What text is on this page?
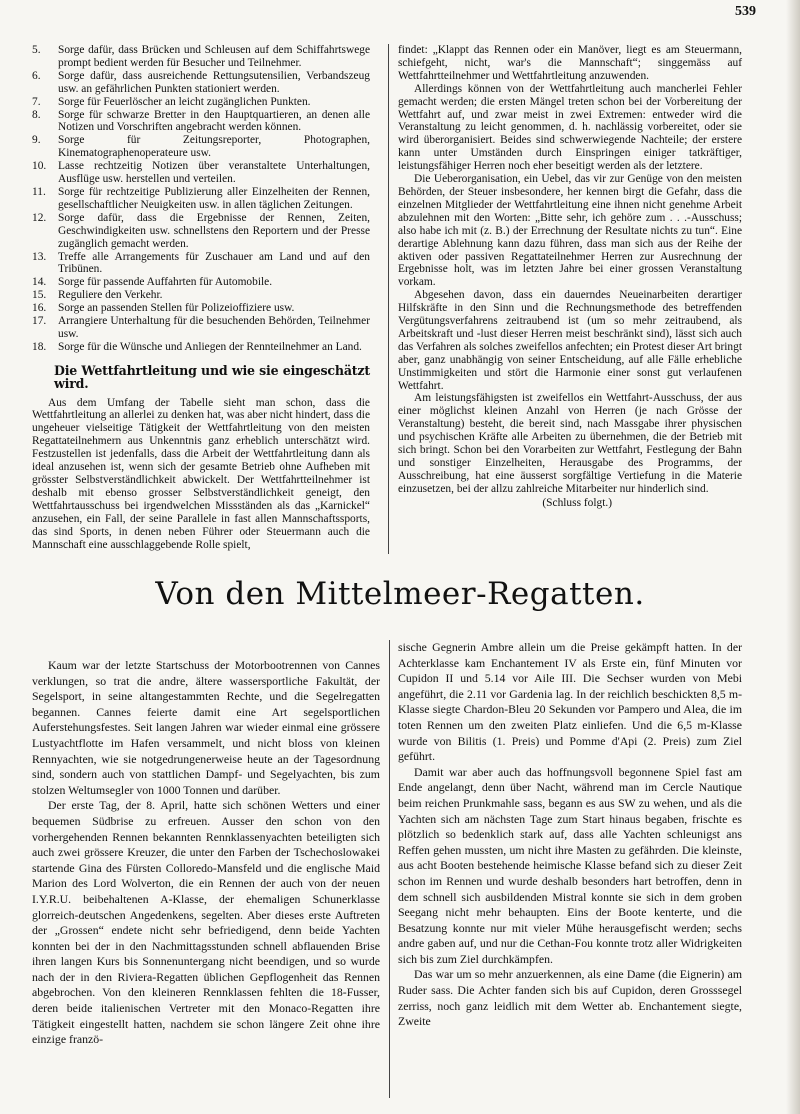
539
5.	Sorge dafür, dass Brücken und Schleusen auf dem Schiffahrtswege prompt bedient werden für Besucher und Teilnehmer.
6.	Sorge dafür, dass ausreichende Rettungsutensilien, Verbandszeug usw. an gefährlichen Punkten stationiert werden.
7.	Sorge für Feuerlöscher an leicht zugänglichen Punkten.
8.	Sorge für schwarze Bretter in den Hauptquartieren, an denen alle Notizen und Vorschriften angebracht werden können.
9.	Sorge für Zeitungsreporter, Photographen, Kinematographenoperateure usw.
10.	Lasse rechtzeitig Notizen über veranstaltete Unterhaltungen, Ausflüge usw. herstellen und verteilen.
11.	Sorge für rechtzeitige Publizierung aller Einzelheiten der Rennen, gesellschaftlicher Neuigkeiten usw. in allen täglichen Zeitungen.
12.	Sorge dafür, dass die Ergebnisse der Rennen, Zeiten, Geschwindigkeiten usw. schnellstens den Reportern und der Presse zugänglich gemacht werden.
13.	Treffe alle Arrangements für Zuschauer am Land und auf den Tribünen.
14.	Sorge für passende Auffahrten für Automobile.
15.	Reguliere den Verkehr.
16.	Sorge an passenden Stellen für Polizeioffiziere usw.
17.	Arrangiere Unterhaltung für die besuchenden Behörden, Teilnehmer usw.
18.	Sorge für die Wünsche und Anliegen der Rennteilnehmer an Land.
Die Wettfahrtleitung und wie sie eingeschätzt wird.

Aus dem Umfang der Tabelle sieht man schon, dass die Wettfahrtleitung an allerlei zu denken hat, was aber nicht hindert, dass die ungeheuer vielseitige Tätigkeit der Wettfahrtleitung von den meisten Regattateilnehmern aus Unkenntnis ganz erheblich unterschätzt wird. Festzustellen ist jedenfalls, dass die Arbeit der Wettfahrtleitung dann als ideal anzusehen ist, wenn sich der gesamte Betrieb ohne Aufheben mit grösster Selbstverständlichkeit abwickelt. Der Wettfahrtteilnehmer ist deshalb mit ebenso grosser Selbstverständlichkeit geneigt, den Wettfahrtausschuss bei irgendwelchen Missständen als das „Karnickel“ anzusehen, ein Fall, der seine Parallele in fast allen Mannschaftssports, das sind Sports, in denen neben Führer oder Steuermann auch die Mannschaft eine ausschlaggebende Rolle spielt,

findet: „Klappt das Rennen oder ein Manöver, liegt es am Steuermann, schiefgeht, nicht, war's die Mannschaft“; singgemäss auf Wettfahrtteilnehmer und Wettfahrtleitung anzuwenden.

Allerdings können von der Wettfahrtleitung auch mancherlei Fehler gemacht werden; die ersten Mängel treten schon bei der Vorbereitung der Wettfahrt auf, und zwar meist in zwei Extremen: entweder wird die Veranstaltung zu leicht genommen, d. h. nachlässig vorbereitet, oder sie wird überorganisiert. Beides sind schwerwiegende Nachteile; der erstere kann unter Umständen durch Einspringen einiger tatkräftiger, leistungsfähiger Herren noch eher beseitigt werden als der letztere.

Die Ueberorganisation, ein Uebel, das vir zur Genüge von den meisten Behörden, der Steuer insbesondere, her kennen birgt die Gefahr, dass die einzelnen Mitglieder der Wettfahrtleitung eine ihnen nicht genehme Arbeit abzulehnen mit den Worten: „Bitte sehr, ich gehöre zum . . .-Ausschuss; also habe ich mit (z. B.) der Errechnung der Resultate nichts zu tun“. Eine derartige Ablehnung kann dazu führen, dass man sich aus der Reihe der aktiven oder passiven Regattateilnehmer Herren zur Ausrechnung der Ergebnisse holt, was im letzten Jahre bei einer grossen Veranstaltung vorkam.

Abgesehen davon, dass ein dauerndes Neueinarbeiten derartiger Hilfskräfte in den Sinn und die Rechnungsmethode des betreffenden Vergütungsverfahrens zeitraubend ist (um so mehr zeitraubend, als Arbeitskraft und -lust dieser Herren meist beschränkt sind), lässt sich auch das Verfahren als solches zweifellos anfechten; ein Protest dieser Art bringt aber, ganz unabhängig von seiner Entscheidung, auf alle Fälle erhebliche Unstimmigkeiten und stört die Harmonie einer sonst gut verlaufenen Wettfahrt.

Am leistungsfähigsten ist zweifellos ein Wettfahrt-Ausschuss, der aus einer möglichst kleinen Anzahl von Herren (je nach Grösse der Veranstaltung) besteht, die bereit sind, nach Massgabe ihrer physischen und psychischen Kräfte alle Arbeiten zu übernehmen, die der Betrieb mit sich bringt. Schon bei den Vorarbeiten zur Wettfahrt, Festlegung der Bahn und sonstiger Einzelheiten, Herausgabe des Programms, der Ausschreibung, hat eine äusserst sorgfältige Vertiefung in die Materie einzusetzen, bei der allzu zahlreiche Mitarbeiter nur hinderlich sind.

(Schluss folgt.)
Von den Mittelmeer-Regatten.

Kaum war der letzte Startschuss der Motorbootrennen von Cannes verklungen, so trat die andre, ältere wassersportliche Fakultät, der Segelsport, in seine altangestammten Rechte, und die Segelregatten begannen. Cannes feierte damit eine Art segelsportlichen Auferstehungsfestes. Seit langen Jahren war wieder einmal eine grössere Lustyachtflotte im Hafen versammelt, und nicht bloss von kleinen Rennyachten, wie sie notgedrungenerweise heute an der Tagesordnung sind, sondern auch von stattlichen Dampf- und Segelyachten, bis zum stolzen Weltumsegler von 1000 Tonnen und darüber.

Der erste Tag, der 8. April, hatte sich schönen Wetters und einer bequemen Südbrise zu erfreuen. Ausser den schon von den vorhergehenden Rennen bekannten Rennklassenyachten beteiligten sich auch zwei grössere Kreuzer, die unter den Farben der Tschechoslowakei startende Gina des Fürsten Colloredo-Mansfeld und die englische Maid Marion des Lord Wolverton, die ein Rennen der auch von der neuen I.Y.R.U. beibehaltenen A-Klasse, der ehemaligen Schunerklasse glorreich-deutschen Angedenkens, segelten. Aber dieses erste Auftreten der „Grossen“ endete nicht sehr befriedigend, denn beide Yachten konnten bei der in den Nachmittagsstunden schnell abflauenden Brise ihren langen Kurs bis Sonnenuntergang nicht beendigen, und so wurde nach der in den Riviera-Regatten üblichen Gepflogenheit das Rennen abgebrochen. Von den kleineren Rennklassen fehlten die 18-Fusser, deren beide italienischen Vertreter mit den Monaco-Regatten ihre Tätigkeit eingestellt hatten, nachdem sie schon längere Zeit ohne ihre einzige franzö-

sische Gegnerin Ambre allein um die Preise gekämpft hatten. In der Achterklasse kam Enchantement IV als Erste ein, fünf Minuten vor Cupidon II und 5.14 vor Aile III. Die Sechser wurden von Mebi angeführt, die 2.11 vor Gardenia lag. In der reichlich beschickten 8,5 m-Klasse siegte Chardon-Bleu 20 Sekunden vor Pampero und Alea, die im toten Rennen um den zweiten Platz einliefen. Und die 6,5 m-Klasse wurde von Bilitis (1. Preis) und Pomme d'Api (2. Preis) zum Ziel geführt.

Damit war aber auch das hoffnungsvoll begonnene Spiel fast am Ende angelangt, denn über Nacht, während man im Cercle Nautique beim reichen Prunkmahle sass, begann es aus SW zu wehen, und als die Yachten sich am nächsten Tage zum Start hinaus begaben, frischte es plötzlich so bedenklich stark auf, dass alle Yachten schleunigst ans Reffen gehen mussten, um nicht ihre Masten zu gefährden. Die kleinste, aus acht Booten bestehende heimische Klasse befand sich zu dieser Zeit schon im Rennen und wurde deshalb besonders hart betroffen, denn in dem schnell sich ausbildenden Mistral konnte sie sich in dem groben Seegang nicht mehr behaupten. Eins der Boote kenterte, und die Besatzung konnte nur mit vieler Mühe herausgefischt werden; sechs andre gaben auf, und nur die Cethan-Fou konnte trotz aller Widrigkeiten sich bis zum Ziel durchkämpfen.

Das war um so mehr anzuerkennen, als eine Dame (die Eignerin) am Ruder sass. Die Achter fanden sich bis auf Cupidon, deren Grosssegel zerriss, noch ganz leidlich mit dem Wetter ab. Enchantement siegte, Zweite
